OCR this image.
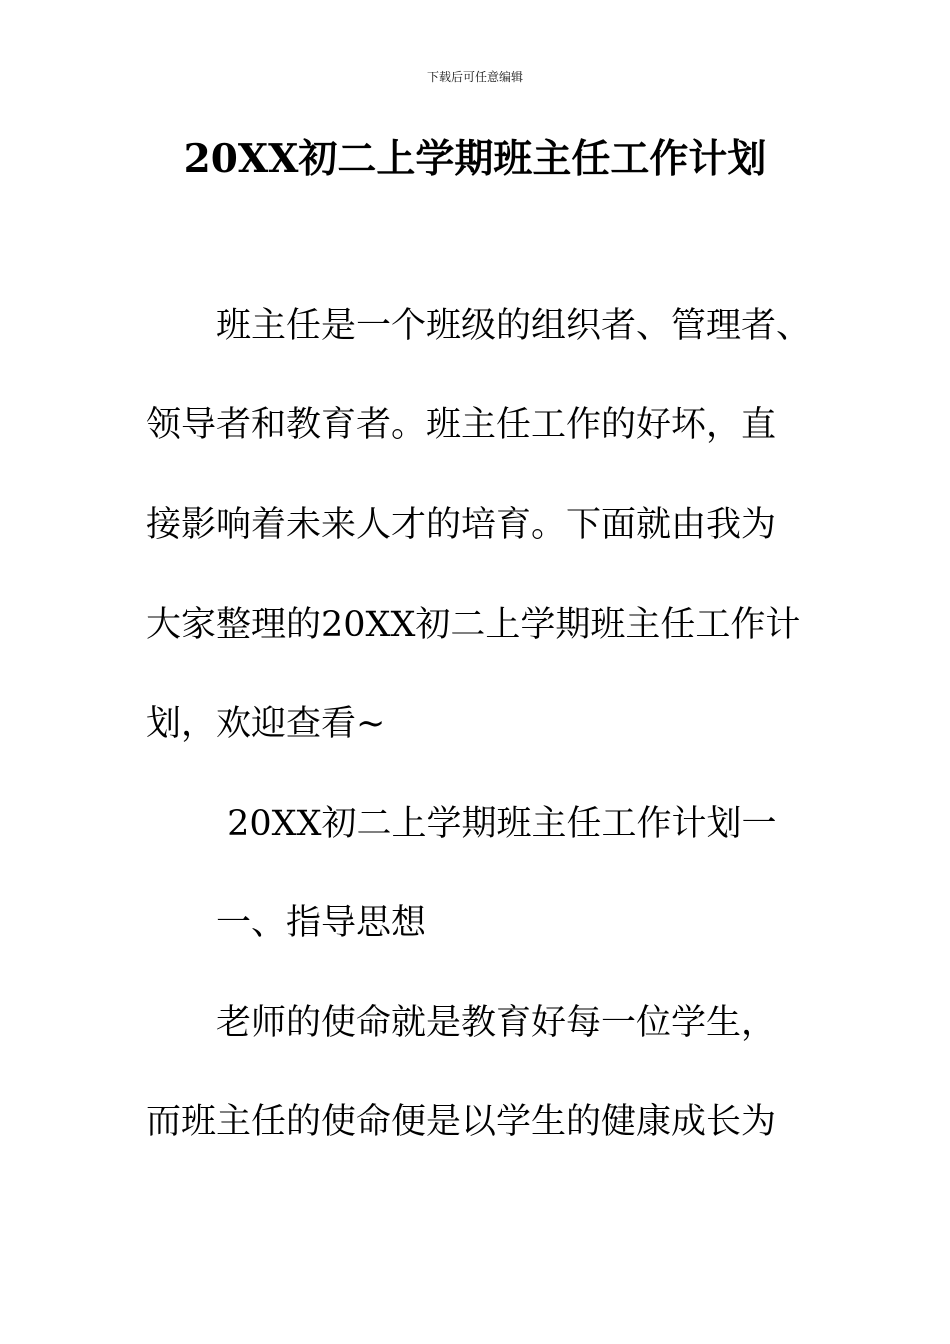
下载后可任意编辑
20XX初二上学期班主任工作计划
　　班主任是一个班级的组织者、管理者、
领导者和教育者。班主任工作的好坏，直
接影响着未来人才的培育。下面就由我为
大家整理的20XX初二上学期班主任工作计
划，欢迎查看~
　　 20XX初二上学期班主任工作计划一
　　一、指导思想
　　老师的使命就是教育好每一位学生，
而班主任的使命便是以学生的健康成长为
